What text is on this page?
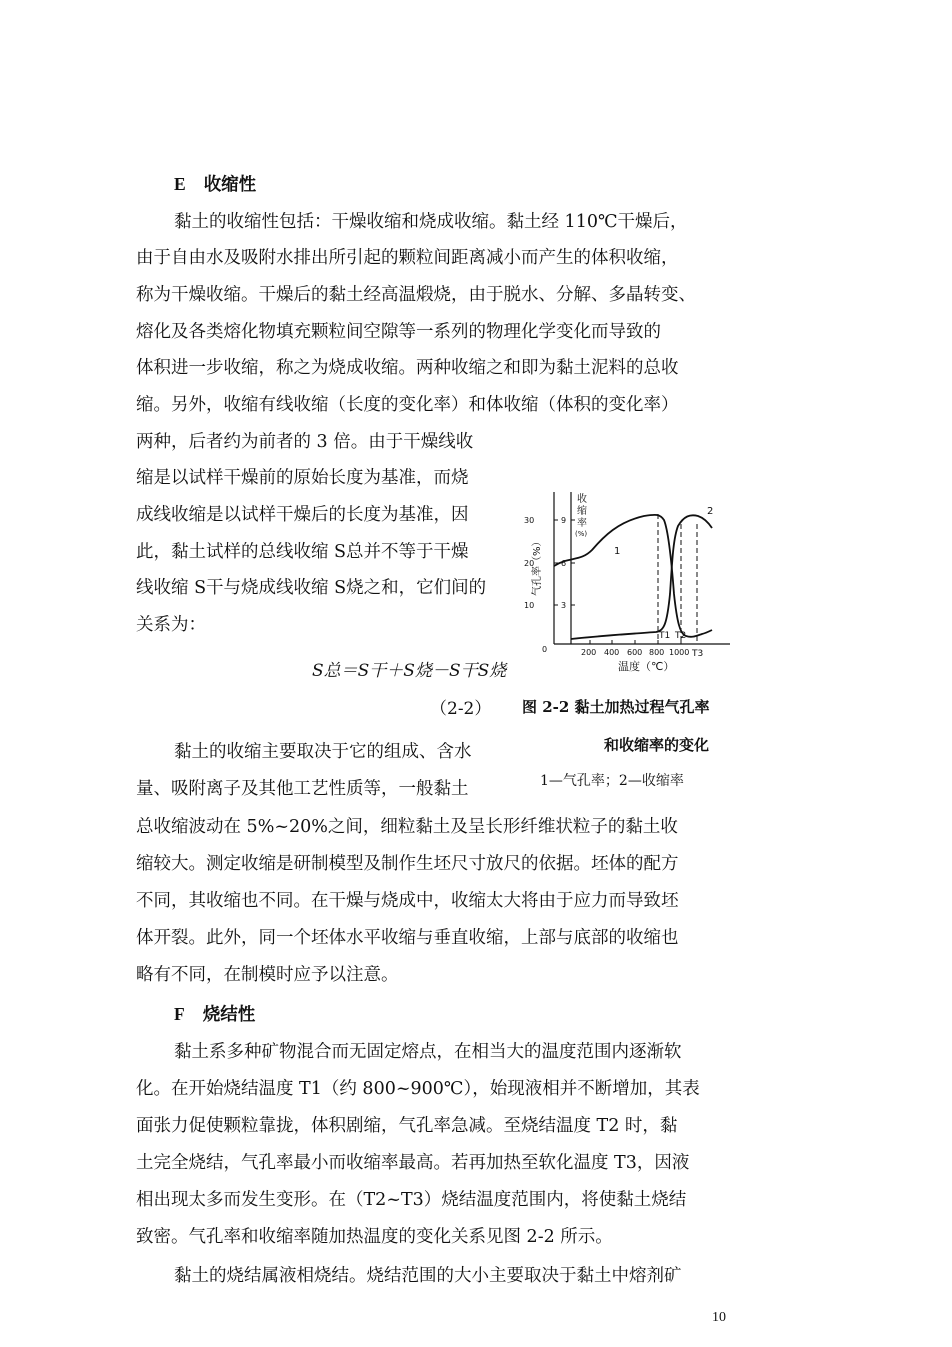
E 收缩性
黏土的收缩性包括：干燥收缩和烧成收缩。黏土经 110℃干燥后，
由于自由水及吸附水排出所引起的颗粒间距离减小而产生的体积收缩，
称为干燥收缩。干燥后的黏土经高温煅烧，由于脱水、分解、多晶转变、
熔化及各类熔化物填充颗粒间空隙等一系列的物理化学变化而导致的
体积进一步收缩，称之为烧成收缩。两种收缩之和即为黏土泥料的总收
缩。另外，收缩有线收缩（长度的变化率）和体收缩（体积的变化率）
两种，后者约为前者的 3 倍。由于干燥线收
缩是以试样干燥前的原始长度为基准，而烧
成线收缩是以试样干燥后的长度为基准，因
此，黏土试样的总线收缩 S总并不等于干燥
线收缩 S干与烧成线收缩 S烧之和，它们间的
关系为：
S总＝S干＋S烧－S干S烧
（2-2）
黏土的收缩主要取决于它的组成、含水
量、吸附离子及其他工艺性质等，一般黏土
总收缩波动在 5%~20%之间，细粒黏土及呈长形纤维状粒子的黏土收
缩较大。测定收缩是研制模型及制作生坯尺寸放尺的依据。坯体的配方
不同，其收缩也不同。在干燥与烧成中，收缩太大将由于应力而导致坯
体开裂。此外，同一个坯体水平收缩与垂直收缩，上部与底部的收缩也
略有不同，在制模时应予以注意。
F 烧结性
黏土系多种矿物混合而无固定熔点，在相当大的温度范围内逐渐软
化。在开始烧结温度 T1（约 800~900℃），始现液相并不断增加，其表
面张力促使颗粒靠拢，体积剧缩，气孔率急减。至烧结温度 T2 时，黏
土完全烧结，气孔率最小而收缩率最高。若再加热至软化温度 T3，因液
相出现太多而发生变形。在（T2~T3）烧结温度范围内，将使黏土烧结
致密。气孔率和收缩率随加热温度的变化关系见图 2-2 所示。
黏土的烧结属液相烧结。烧结范围的大小主要取决于黏土中熔剂矿
1
2
30
20
10
0
9
6
3
200 400 600 800 1000
T1 T2
T3
收
缩
率
(%)
气孔率（%）
温度（℃）
图 2-2 黏土加热过程气孔率
和收缩率的变化
1—气孔率；2—收缩率
10
